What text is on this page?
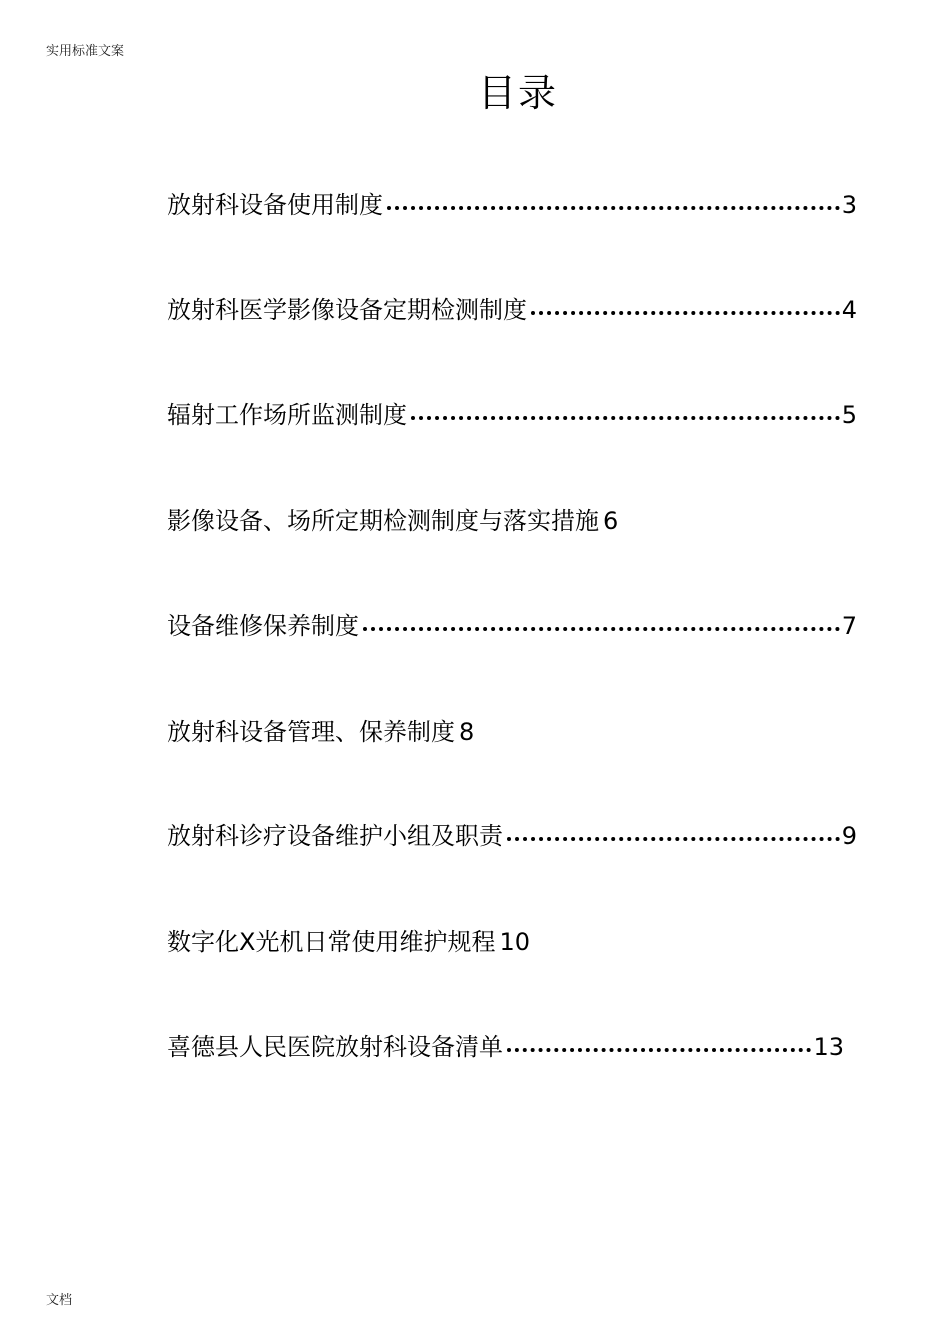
实用标准文案
目录
放射科设备使用制度	3
放射科医学影像设备定期检测制度	4
辐射工作场所监测制度	5
影像设备、场所定期检测制度与落实措施 6
设备维修保养制度	7
放射科设备管理、保养制度 8
放射科诊疗设备维护小组及职责	9
数字化X光机日常使用维护规程 10
喜德县人民医院放射科设备清单	13
文档
